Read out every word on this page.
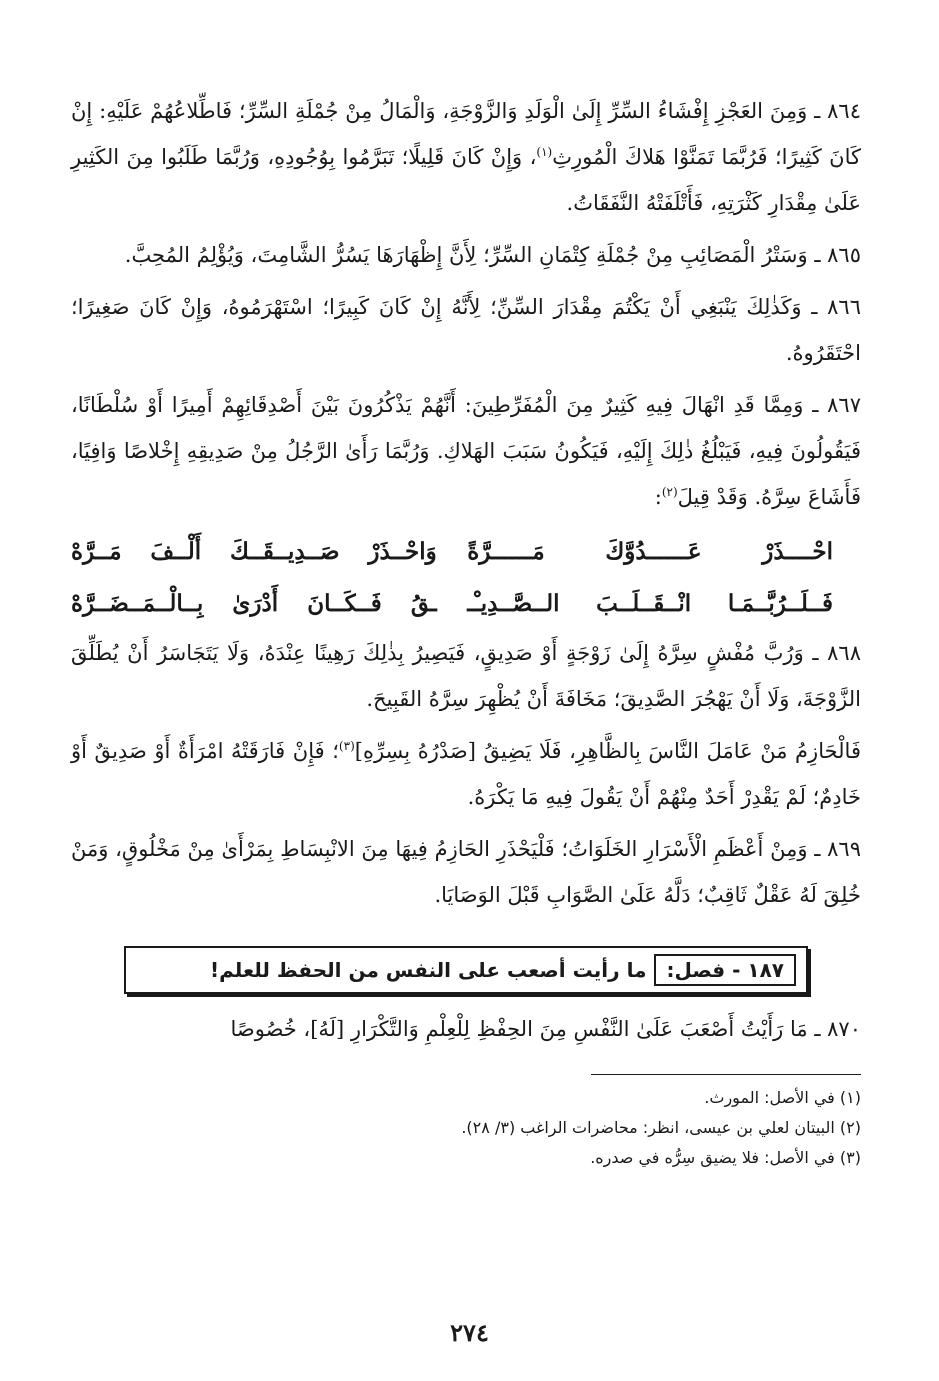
٨٦٤ ـ وَمِنَ العَجْزِ إِفْشَاءُ السِّرِّ إِلَىٰ الْوَلَدِ وَالزَّوْجَةِ، وَالْمَالُ مِنْ جُمْلَةِ السِّرِّ؛ فَاطِّلاعُهُمْ عَلَيْهِ: إِنْ كَانَ كَثِيرًا؛ فَرُبَّمَا تَمَنَّوْا هَلاكَ الْمُورِثِ$^{(١)}$، وَإِنْ كَانَ قَلِيلًا؛ تَبَرَّمُوا بِوُجُودِهِ، وَرُبَّمَا طَلَبُوا مِنَ الكَثِيرِ عَلَىٰ مِقْدَارِ كَثْرَتِهِ، فَأَتْلَفَتْهُ النَّفَقَاتُ.

٨٦٥ ـ وَسَتْرُ الْمَصَائِبِ مِنْ جُمْلَةِ كِتْمَانِ السِّرِّ؛ لِأَنَّ إِظْهَارَهَا يَسُرُّ الشَّامِتَ، وَيُؤْلِمُ المُحِبَّ.

٨٦٦ ـ وَكَذٰلِكَ يَنْبَغِي أَنْ يَكْتُمَ مِقْدَارَ السِّنِّ؛ لِأَنَّهُ إِنْ كَانَ كَبِيرًا؛ اسْتَهْرَمُوهُ، وَإِنْ كَانَ صَغِيرًا؛ احْتَقَرُوهُ.

٨٦٧ ـ وَمِمَّا قَدِ انْهَالَ فِيهِ كَثِيرٌ مِنَ الْمُفَرِّطِينَ: أَنَّهُمْ يَذْكُرُونَ بَيْنَ أَصْدِقَائِهِمْ أَمِيرًا أَوْ سُلْطَانًا، فَيَقُولُونَ فِيهِ، فَيَبْلُغُ ذٰلِكَ إِلَيْهِ، فَيَكُونُ سَبَبَ الهَلاكِ. وَرُبَّمَا رَأَىٰ الرَّجُلُ مِنْ صَدِيقِهِ إِخْلاصًا وَافِيًا، فَأَشَاعَ سِرَّهُ. وَقَدْ قِيلَ$^{(٢)}$:

احْــــذَرْ عَــــــدُوَّكَ مَــــــرَّةً
وَاحْــذَرْ صَــدِيــقَــكَ أَلْــفَ مَــرَّهْ
فَــلَــرُبَّــمَـا انْــقَــلَــبَ الــصَّــدِيـْـ
ـقُ فَــكَــانَ أَدْرَىٰ بِــالْــمَــضَــرَّهْ

٨٦٨ ـ وَرُبَّ مُفْشٍ سِرَّهُ إِلَىٰ زَوْجَةٍ أَوْ صَدِيقٍ، فَيَصِيرُ بِذٰلِكَ رَهِينًا عِنْدَهُ، وَلَا يَتَجَاسَرُ أَنْ يُطَلِّقَ الزَّوْجَةَ، وَلَا أَنْ يَهْجُرَ الصَّدِيقَ؛ مَخَافَةَ أَنْ يُظْهِرَ سِرَّهُ القَبِيحَ.

فَالْحَازِمُ مَنْ عَامَلَ النَّاسَ بِالظَّاهِرِ، فَلَا يَضِيقُ [صَدْرُهُ بِسِرِّهِ]$^{(٣)}$؛ فَإِنْ فَارَقَتْهُ امْرَأَةٌ أَوْ صَدِيقٌ أَوْ خَادِمٌ؛ لَمْ يَقْدِرْ أَحَدٌ مِنْهُمْ أَنْ يَقُولَ فِيهِ مَا يَكْرَهُ.

٨٦٩ ـ وَمِنْ أَعْظَمِ الْأَسْرَارِ الخَلَوَاتُ؛ فَلْيَحْذَرِ الحَازِمُ فِيهَا مِنَ الانْبِسَاطِ بِمَرْأَىٰ مِنْ مَخْلُوقٍ، وَمَنْ خُلِقَ لَهُ عَقْلٌ ثَاقِبٌ؛ دَلَّهُ عَلَىٰ الصَّوَابِ قَبْلَ الوَصَايَا.

١٨٧ - فصل:
ما رأيت أصعب على النفس من الحفظ للعلم!

٨٧٠ ـ مَا رَأَيْتُ أَصْعَبَ عَلَىٰ النَّفْسِ مِنَ الحِفْظِ لِلْعِلْمِ وَالتَّكْرَارِ [لَهُ]، خُصُوصًا

(١) في الأصل: المورث.

(٢) البيتان لعلي بن عيسى، انظر: محاضرات الراغب (٣/ ٢٨).

(٣) في الأصل: فلا يضيق سِرُّه في صدره.

٢٧٤
